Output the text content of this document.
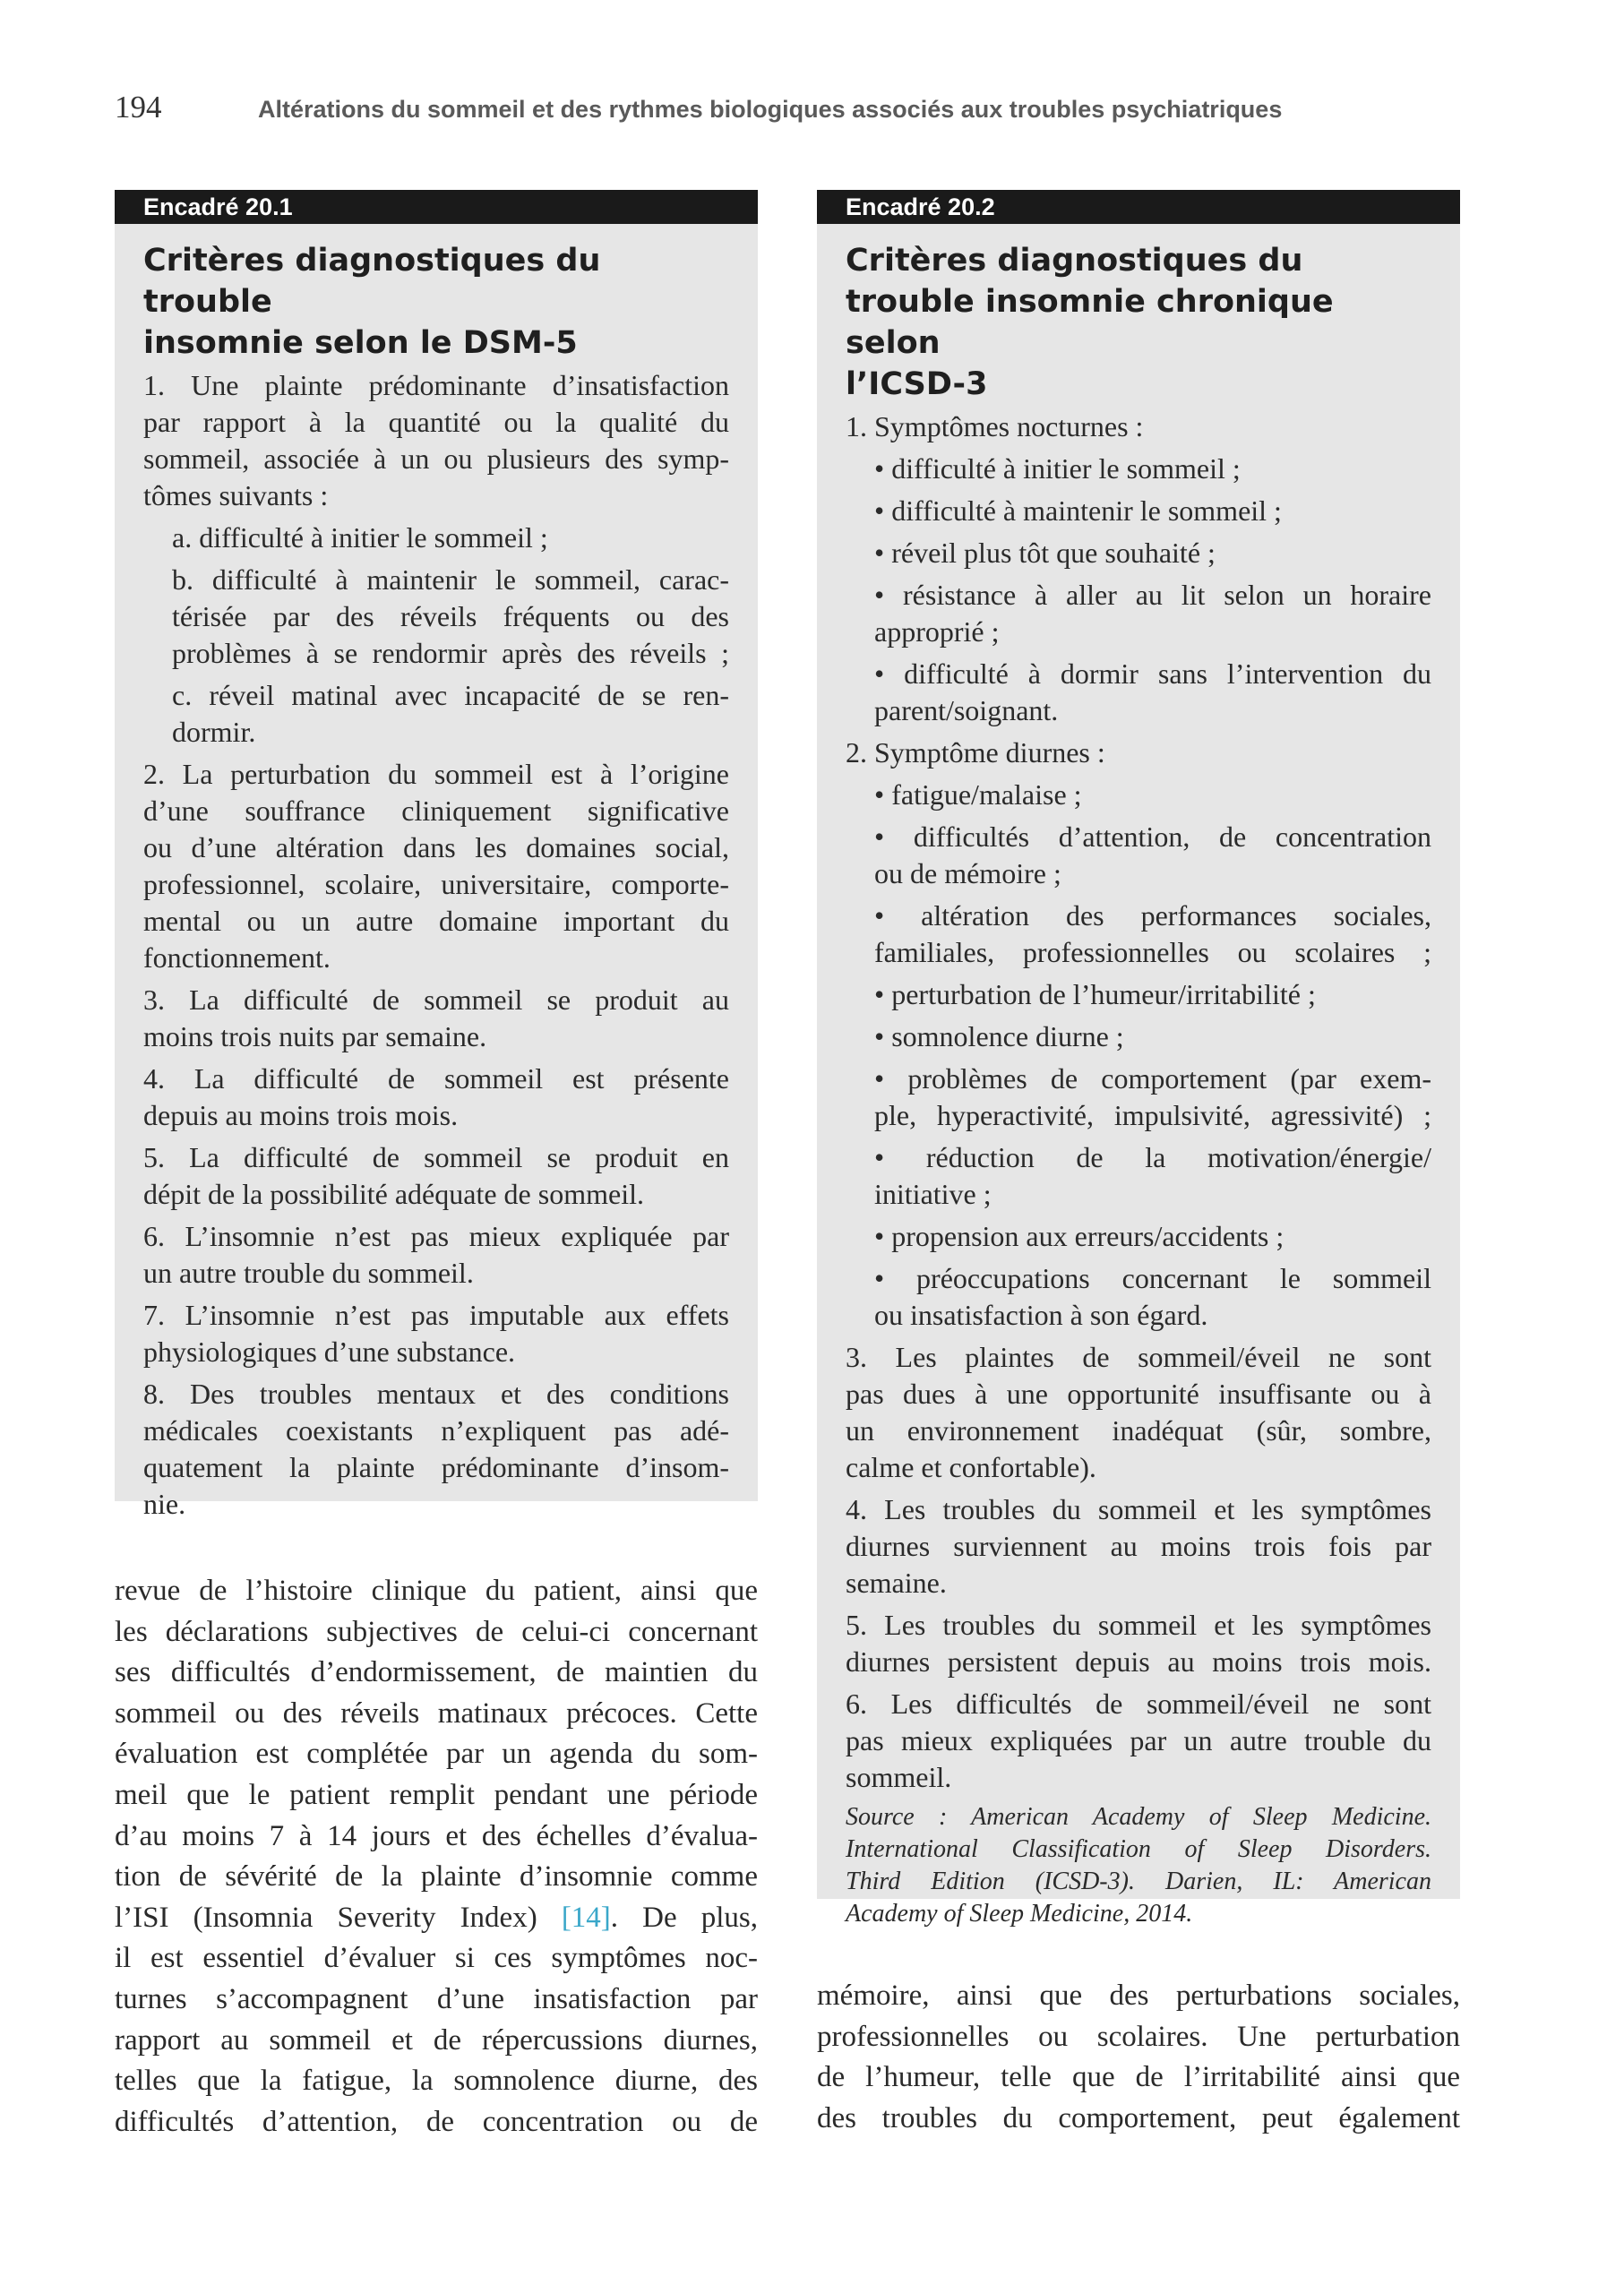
194	Altérations du sommeil et des rythmes biologiques associés aux troubles psychiatriques
Encadré 20.1
Critères diagnostiques du trouble
insomnie selon le DSM-5
1. Une plainte prédominante d’insatisfaction
par rapport à la quantité ou la qualité du
sommeil, associée à un ou plusieurs des symp-
tômes suivants :
a. difficulté à initier le sommeil ;
b. difficulté à maintenir le sommeil, carac-
térisée par des réveils fréquents ou des
problèmes à se rendormir après des réveils ;
c. réveil matinal avec incapacité de se ren-
dormir.
2. La perturbation du sommeil est à l’origine
d’une souffrance cliniquement significative
ou d’une altération dans les domaines social,
professionnel, scolaire, universitaire, comporte-
mental ou un autre domaine important du
fonctionnement.
3. La difficulté de sommeil se produit au
moins trois nuits par semaine.
4. La difficulté de sommeil est présente
depuis au moins trois mois.
5. La difficulté de sommeil se produit en
dépit de la possibilité adéquate de sommeil.
6. L’insomnie n’est pas mieux expliquée par
un autre trouble du sommeil.
7. L’insomnie n’est pas imputable aux effets
physiologiques d’une substance.
8. Des troubles mentaux et des conditions
médicales coexistants n’expliquent pas adé-
quatement la plainte prédominante d’insom-
nie.
Encadré 20.2
Critères diagnostiques du
trouble insomnie chronique selon
l’ICSD-3
1. Symptômes nocturnes :
• difficulté à initier le sommeil ;
• difficulté à maintenir le sommeil ;
• réveil plus tôt que souhaité ;
• résistance à aller au lit selon un horaire
approprié ;
• difficulté à dormir sans l’intervention du
parent/soignant.
2. Symptôme diurnes :
• fatigue/malaise ;
• difficultés d’attention, de concentration
ou de mémoire ;
• altération des performances sociales,
familiales, professionnelles ou scolaires ;
• perturbation de l’humeur/irritabilité ;
• somnolence diurne ;
• problèmes de comportement (par exem-
ple, hyperactivité, impulsivité, agressivité) ;
• réduction de la motivation/énergie/
initiative ;
• propension aux erreurs/accidents ;
• préoccupations concernant le sommeil
ou insatisfaction à son égard.
3. Les plaintes de sommeil/éveil ne sont
pas dues à une opportunité insuffisante ou à
un environnement inadéquat (sûr, sombre,
calme et confortable).
4. Les troubles du sommeil et les symptômes
diurnes surviennent au moins trois fois par
semaine.
5. Les troubles du sommeil et les symptômes
diurnes persistent depuis au moins trois mois.
6. Les difficultés de sommeil/éveil ne sont
pas mieux expliquées par un autre trouble du
sommeil.
Source : American Academy of Sleep Medicine.
International Classification of Sleep Disorders.
Third Edition (ICSD-3). Darien, IL: American
Academy of Sleep Medicine, 2014.
revue de l’histoire clinique du patient, ainsi que
les déclarations subjectives de celui-ci concernant
ses difficultés d’endormissement, de maintien du
sommeil ou des réveils matinaux précoces. Cette
évaluation est complétée par un agenda du som-
meil que le patient remplit pendant une période
d’au moins 7 à 14 jours et des échelles d’évalua-
tion de sévérité de la plainte d’insomnie comme
l’ISI (Insomnia Severity Index) [14]. De plus,
il est essentiel d’évaluer si ces symptômes noc-
turnes s’accompagnent d’une insatisfaction par
rapport au sommeil et de répercussions diurnes,
telles que la fatigue, la somnolence diurne, des
difficultés d’attention, de concentration ou de
mémoire, ainsi que des perturbations sociales,
professionnelles ou scolaires. Une perturbation
de l’humeur, telle que de l’irritabilité ainsi que
des troubles du comportement, peut également
